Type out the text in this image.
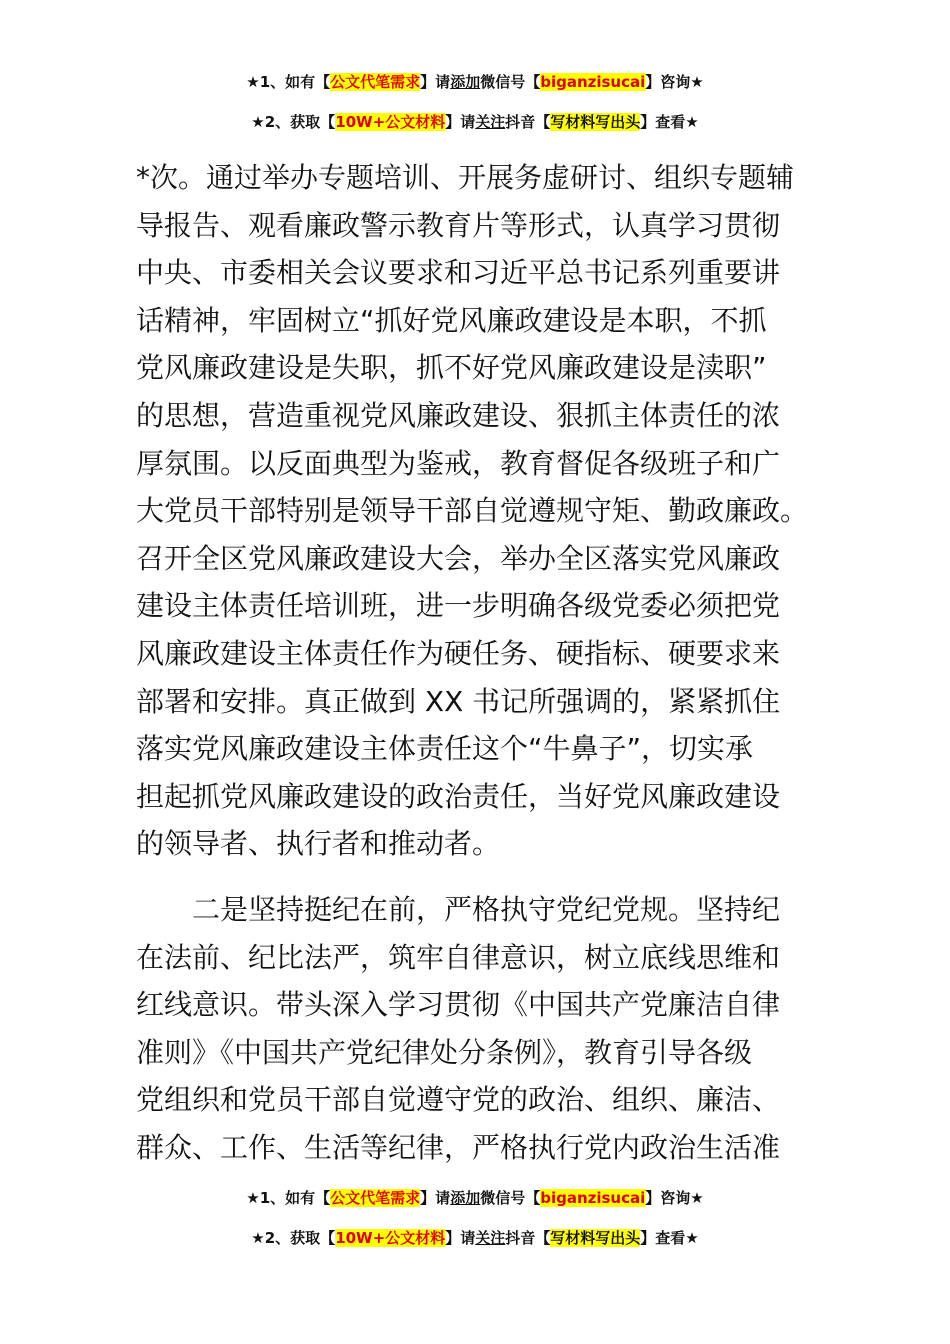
★1、如有【公文代笔需求】请添加微信号【biganzisucai】咨询★
★2、获取【10W+公文材料】请关注抖音【写材料写出头】查看★
*次。通过举办专题培训、开展务虚研讨、组织专题辅
导报告、观看廉政警示教育片等形式，认真学习贯彻
中央、市委相关会议要求和习近平总书记系列重要讲
话精神，牢固树立“抓好党风廉政建设是本职，不抓
党风廉政建设是失职，抓不好党风廉政建设是渎职”
的思想，营造重视党风廉政建设、狠抓主体责任的浓
厚氛围。以反面典型为鉴戒，教育督促各级班子和广
大党员干部特别是领导干部自觉遵规守矩、勤政廉政。
召开全区党风廉政建设大会，举办全区落实党风廉政
建设主体责任培训班，进一步明确各级党委必须把党
风廉政建设主体责任作为硬任务、硬指标、硬要求来
部署和安排。真正做到 XX 书记所强调的，紧紧抓住
落实党风廉政建设主体责任这个“牛鼻子”，切实承
担起抓党风廉政建设的政治责任，当好党风廉政建设
的领导者、执行者和推动者。
　　二是坚持挺纪在前，严格执守党纪党规。坚持纪
在法前、纪比法严，筑牢自律意识，树立底线思维和
红线意识。带头深入学习贯彻《中国共产党廉洁自律
准则》《中国共产党纪律处分条例》，教育引导各级
党组织和党员干部自觉遵守党的政治、组织、廉洁、
群众、工作、生活等纪律，严格执行党内政治生活准
★1、如有【公文代笔需求】请添加微信号【biganzisucai】咨询★
★2、获取【10W+公文材料】请关注抖音【写材料写出头】查看★
